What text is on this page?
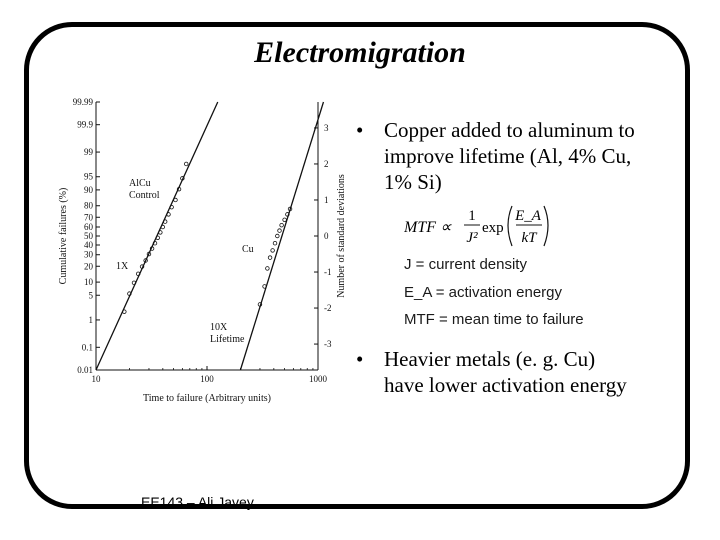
Electromigration
0.01
0.1
1
5
10
20
30
40
50
60
70
80
90
95
99
99.9
99.99
-3
-2
-1
0
1
2
3
10	100	1000
Time to failure (Arbitrary units)
Cumulative failures (%)	Number of standard deviations
AlCu
Control
1X
Cu
10X
Lifetime
• Copper added to aluminum to
improve lifetime (Al, 4% Cu,
1% Si)
MTF ∝
1
J²
exp
E_A
kT
J = current density
E_A = activation energy
MTF = mean time to failure
• Heavier metals (e. g. Cu)
have lower activation energy
EE143 – Ali Javey
